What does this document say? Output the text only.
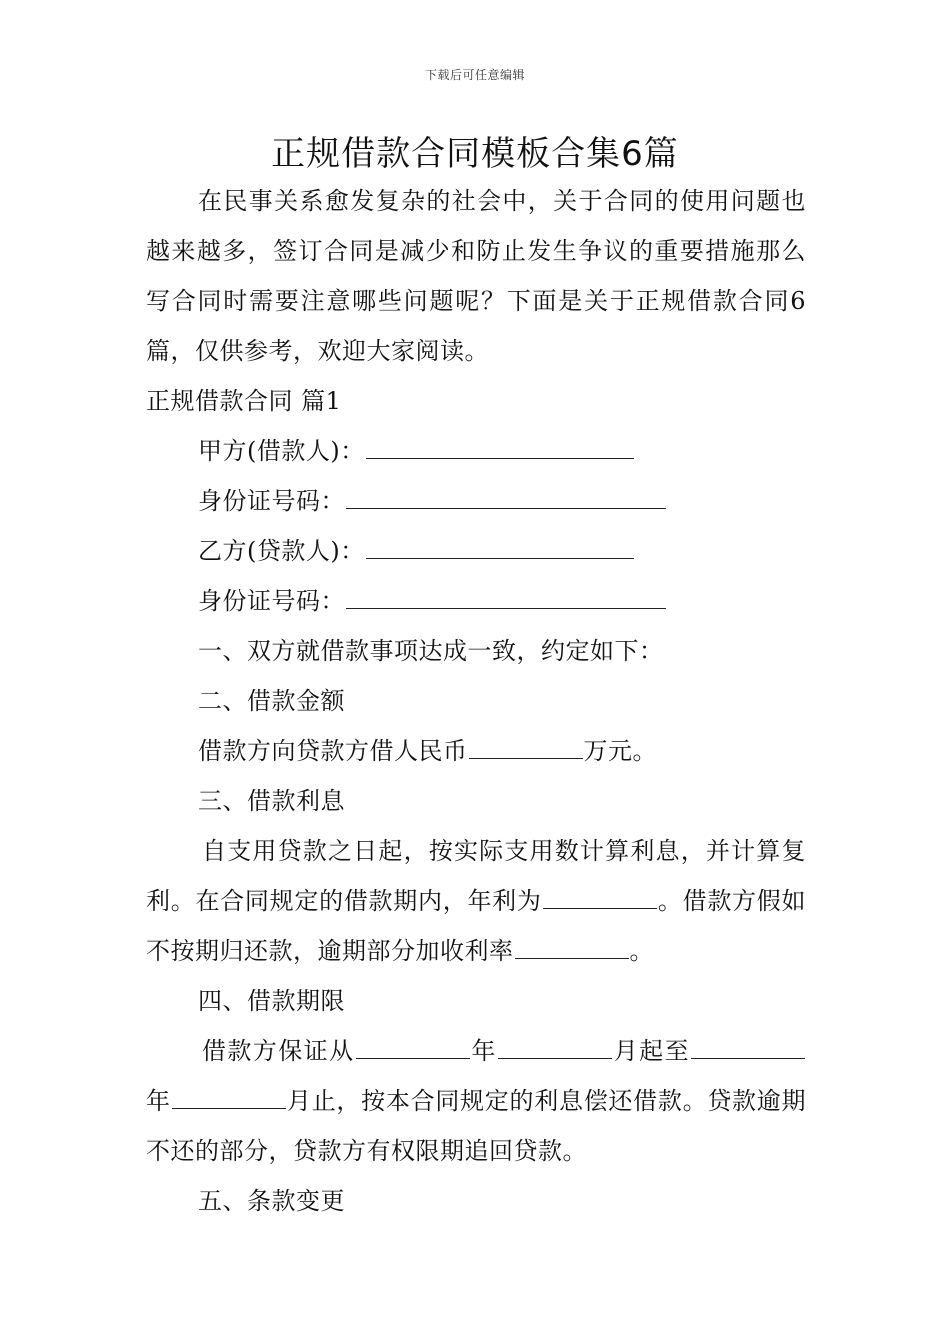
下载后可任意编辑
正规借款合同模板合集6篇

在民事关系愈发复杂的社会中，关于合同的使用问题也越来越多，签订合同是减少和防止发生争议的重要措施那么写合同时需要注意哪些问题呢？下面是关于正规借款合同6篇，仅供参考，欢迎大家阅读。

正规借款合同 篇1

甲方(借款人)：

身份证号码：

乙方(贷款人)：

身份证号码：

一、双方就借款事项达成一致，约定如下：

二、借款金额

借款方向贷款方借人民币	万元。

三、借款利息

自支用贷款之日起，按实际支用数计算利息，并计算复利。在合同规定的借款期内，年利为	。借款方假如不按期归还款，逾期部分加收利率	。

四、借款期限

借款方保证从	年	月起至年	月止，按本合同规定的利息偿还借款。贷款逾期不还的部分，贷款方有权限期追回贷款。

五、条款变更
